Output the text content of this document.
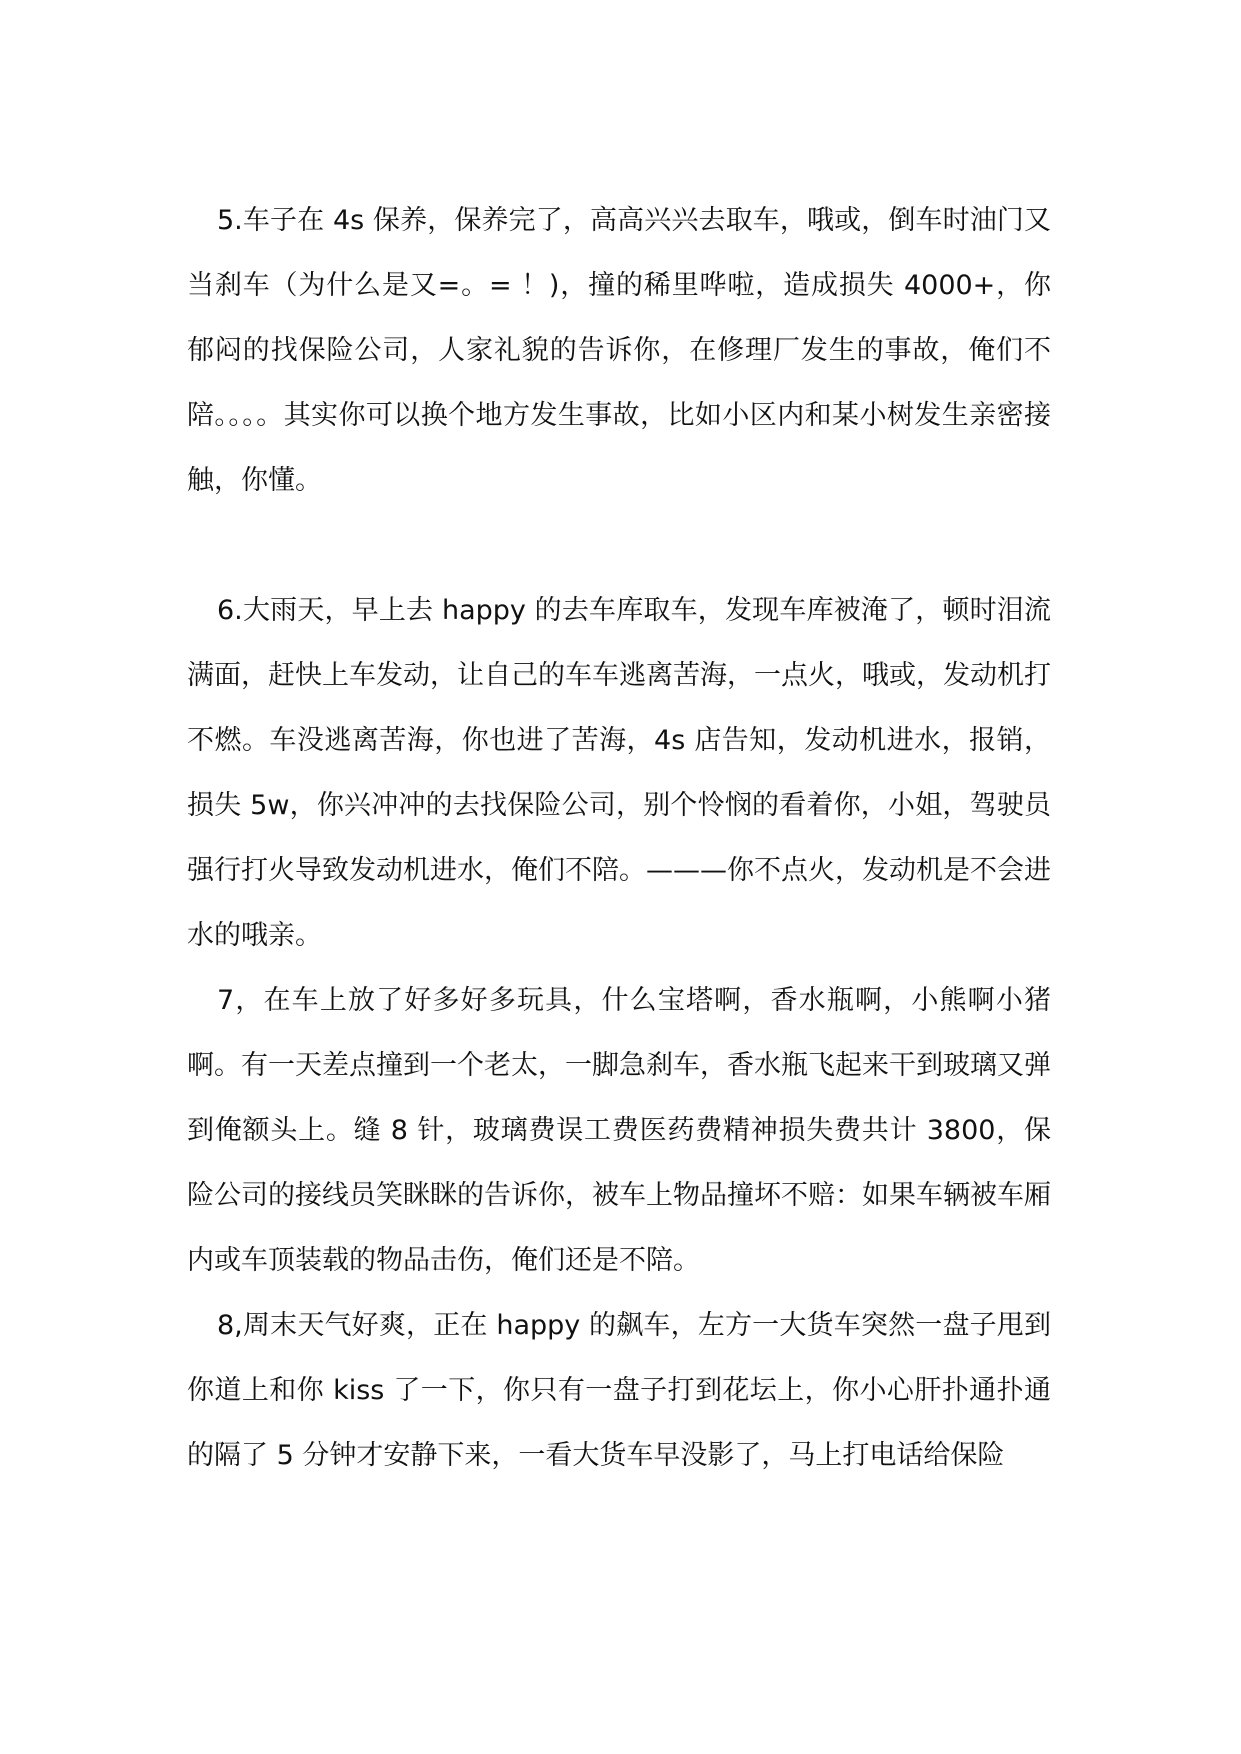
5.车子在 4s 保养，保养完了，高高兴兴去取车，哦或，倒车时油门又当刹车（为什么是又=。= ！)，撞的稀里哗啦，造成损失 4000+，你郁闷的找保险公司，人家礼貌的告诉你，在修理厂发生的事故，俺们不陪。。。。其实你可以换个地方发生事故，比如小区内和某小树发生亲密接触，你懂。

6.大雨天，早上去 happy 的去车库取车，发现车库被淹了，顿时泪流满面，赶快上车发动，让自己的车车逃离苦海，一点火，哦或，发动机打不燃。车没逃离苦海，你也进了苦海，4s 店告知，发动机进水，报销，损失 5w，你兴冲冲的去找保险公司，别个怜悯的看着你，小姐，驾驶员强行打火导致发动机进水，俺们不陪。———你不点火，发动机是不会进水的哦亲。

7，在车上放了好多好多玩具，什么宝塔啊，香水瓶啊，小熊啊小猪啊。有一天差点撞到一个老太，一脚急刹车，香水瓶飞起来干到玻璃又弹到俺额头上。缝 8 针，玻璃费误工费医药费精神损失费共计 3800，保险公司的接线员笑眯眯的告诉你，被车上物品撞坏不赔：如果车辆被车厢内或车顶装载的物品击伤，俺们还是不陪。

8,周末天气好爽，正在 happy 的飙车，左方一大货车突然一盘子甩到你道上和你 kiss 了一下，你只有一盘子打到花坛上，你小心肝扑通扑通的隔了 5 分钟才安静下来，一看大货车早没影了，马上打电话给保险
